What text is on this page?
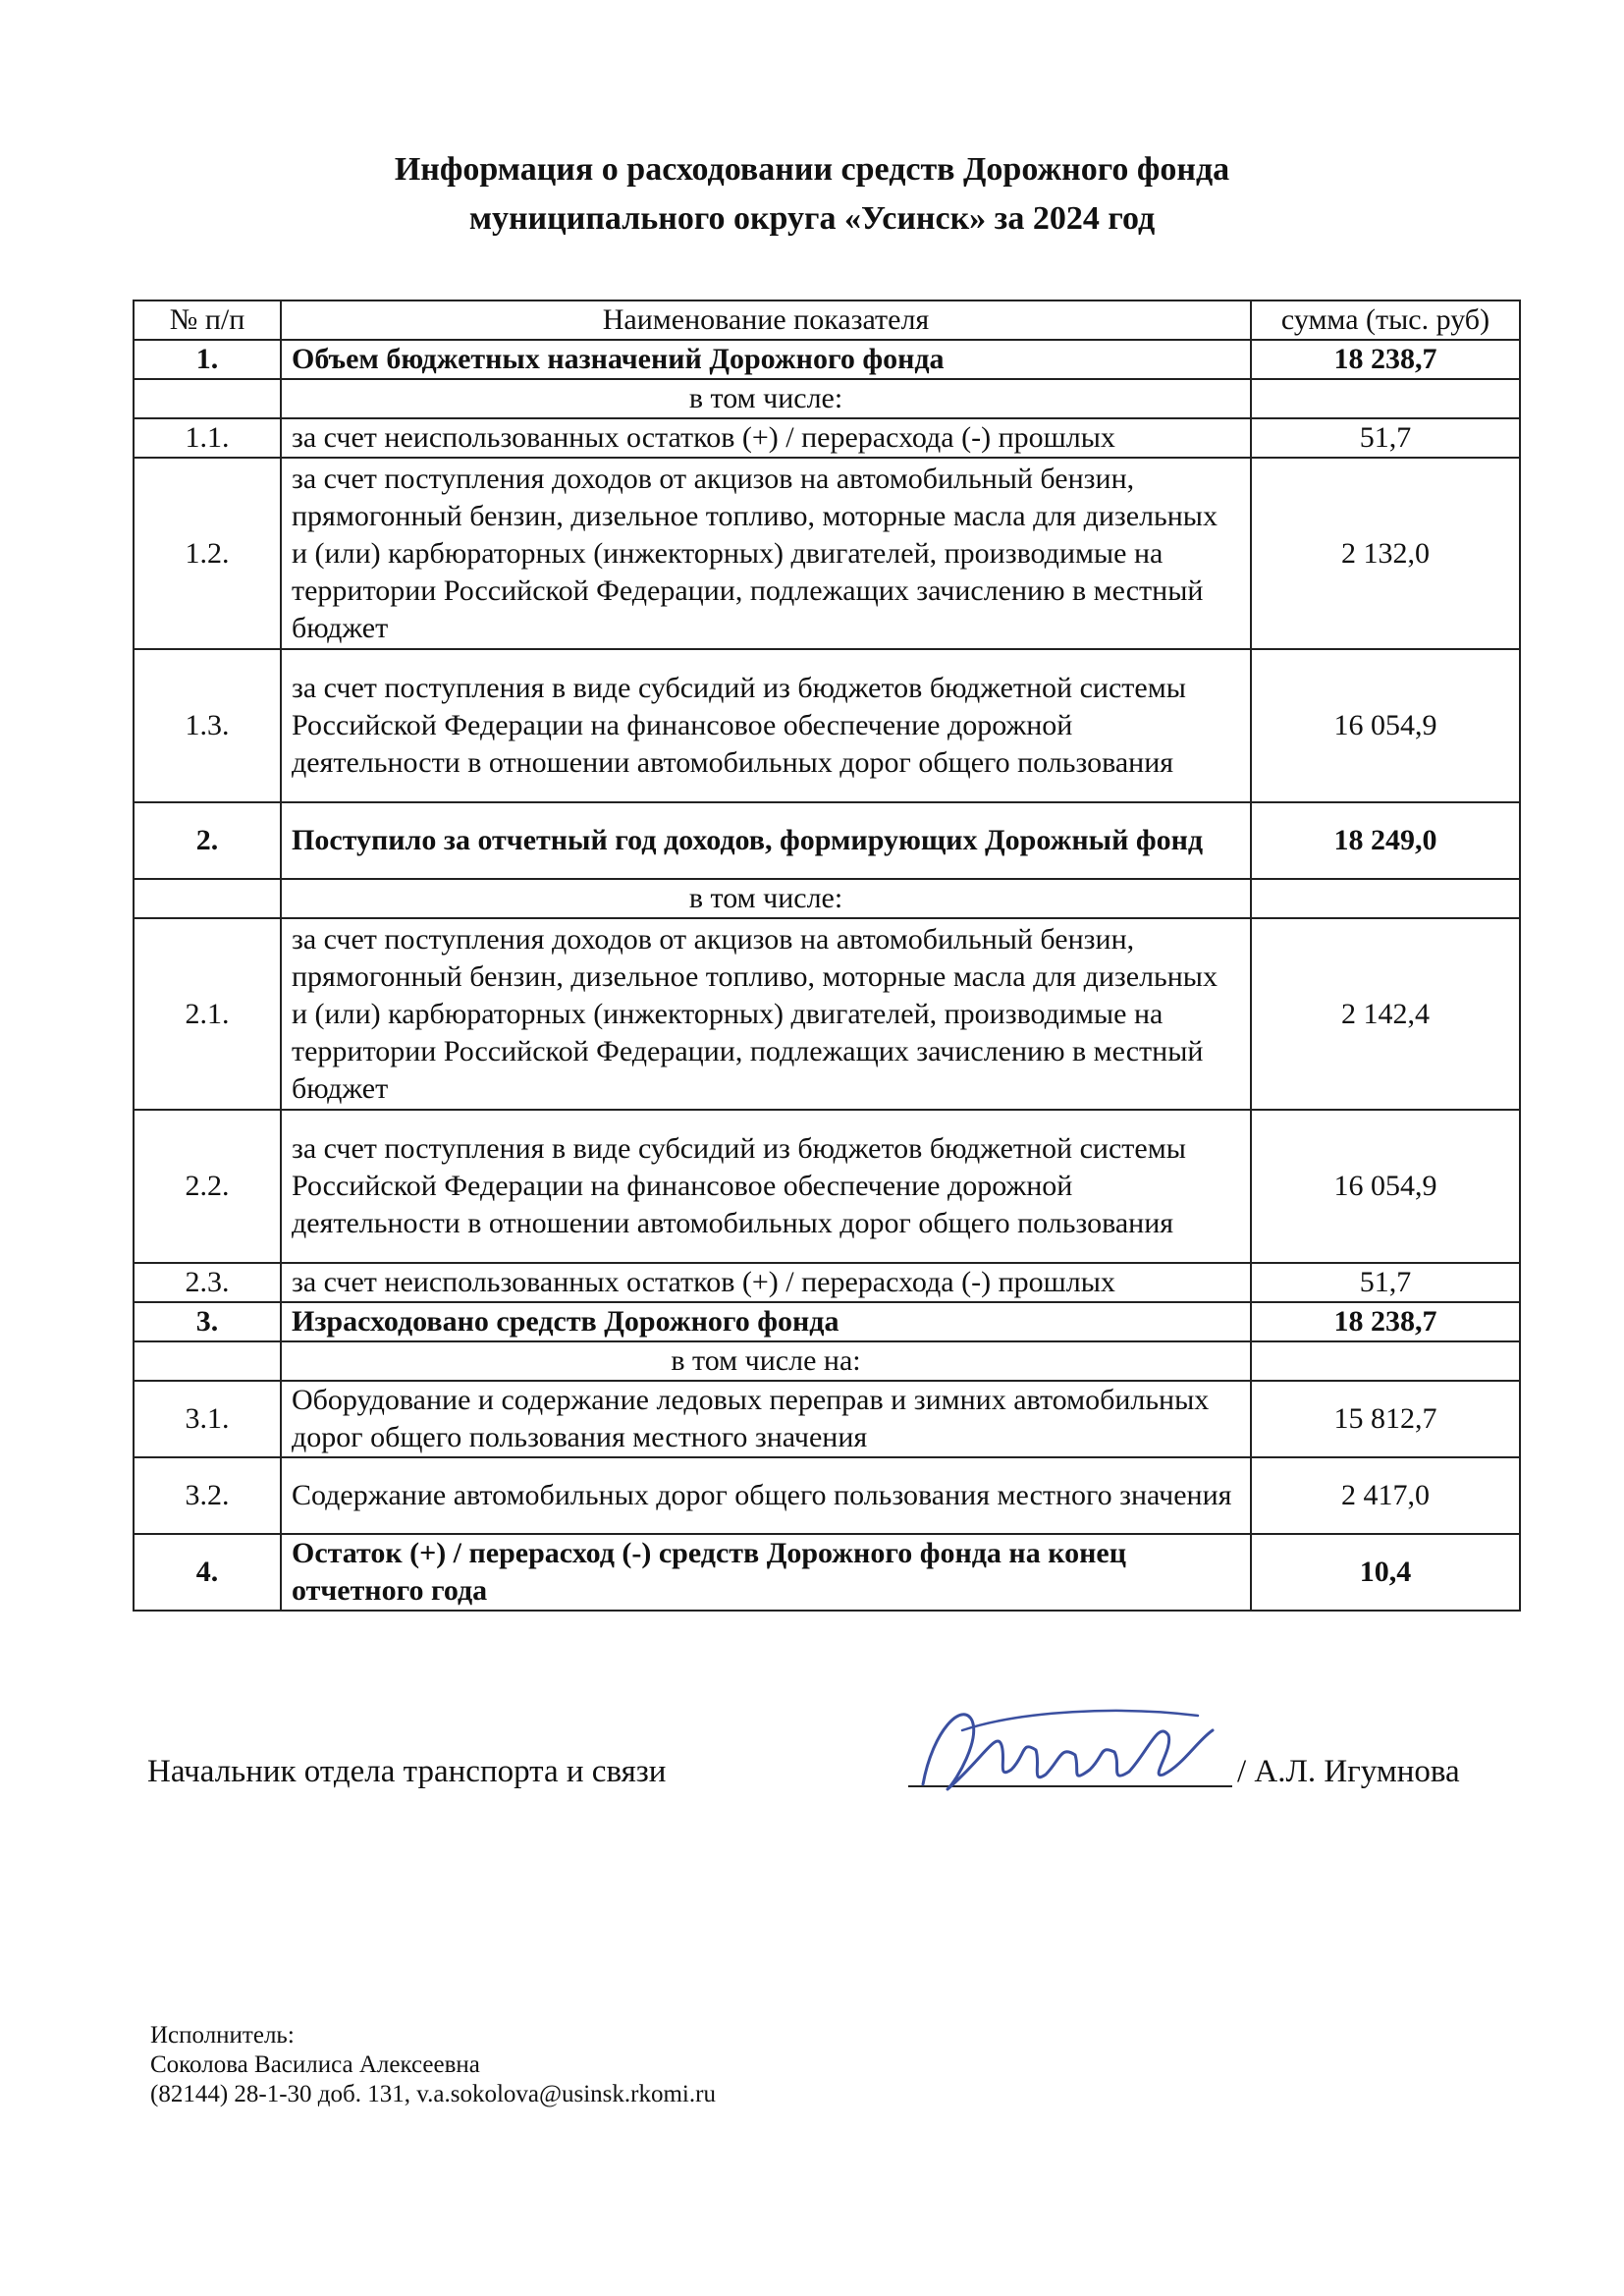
Информация о расходовании средств Дорожного фонда
муниципального округа «Усинск» за 2024 год
№ п/п	Наименование показателя	сумма (тыс. руб)
1.	Объем бюджетных назначений Дорожного фонда	18 238,7
	в том числе:	
1.1.	за счет неиспользованных остатков (+) / перерасхода (-) прошлых	51,7
1.2.	за счет поступления доходов от акцизов на автомобильный бензин, прямогонный бензин, дизельное топливо, моторные масла для дизельных и (или) карбюраторных (инжекторных) двигателей, производимые на территории Российской Федерации, подлежащих зачислению в местный бюджет	2 132,0
1.3.	за счет поступления в виде субсидий из бюджетов бюджетной системы Российской Федерации на финансовое обеспечение дорожной деятельности в отношении автомобильных дорог общего пользования	16 054,9
2.	Поступило за отчетный год доходов, формирующих Дорожный фонд	18 249,0
	в том числе:	
2.1.	за счет поступления доходов от акцизов на автомобильный бензин, прямогонный бензин, дизельное топливо, моторные масла для дизельных и (или) карбюраторных (инжекторных) двигателей, производимые на территории Российской Федерации, подлежащих зачислению в местный бюджет	2 142,4
2.2.	за счет поступления в виде субсидий из бюджетов бюджетной системы Российской Федерации на финансовое обеспечение дорожной деятельности в отношении автомобильных дорог общего пользования	16 054,9
2.3.	за счет неиспользованных остатков (+) / перерасхода (-) прошлых	51,7
3.	Израсходовано средств Дорожного фонда	18 238,7
	в том числе на:	
3.1.	Оборудование и содержание ледовых переправ и зимних автомобильных дорог общего пользования местного значения	15 812,7
3.2.	Содержание автомобильных дорог общего пользования местного значения	2 417,0
4.	Остаток (+) / перерасход (-) средств Дорожного фонда на конец отчетного года	10,4
Начальник отдела транспорта и связи	/ А.Л. Игумнова
Исполнитель:
Соколова Василиса Алексеевна
(82144) 28-1-30 доб. 131, v.a.sokolova@usinsk.rkomi.ru
